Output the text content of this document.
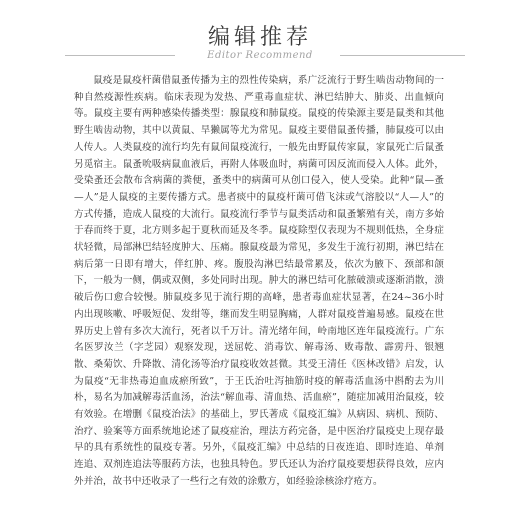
编辑推荐
Editor Recommend

鼠疫是鼠疫杆菌借鼠蚤传播为主的烈性传染病，系广泛流行于野生啮齿动物间的一种自然疫源性疾病。临床表现为发热、严重毒血症状、淋巴结肿大、肺炎、出血倾向等。鼠疫主要有两种感染传播类型：腺鼠疫和肺鼠疫。鼠疫的传染源主要是鼠类和其他野生啮齿动物，其中以黄鼠、旱獭属等尤为常见。鼠疫主要借鼠蚤传播，肺鼠疫可以由人传人。人类鼠疫的流行均先有鼠间鼠疫流行，一般先由野鼠传家鼠，家鼠死亡后鼠蚤另觅宿主。鼠蚤吮吸病鼠血液后，再附人体吸血时，病菌可因反流而侵入人体。此外，受染蚤还会散布含病菌的粪便，蚤类中的病菌可从创口侵入，使人受染。此种“鼠—蚤—人”是人鼠疫的主要传播方式。患者痰中的鼠疫杆菌可借飞沫或气溶胶以“人—人”的方式传播，造成人鼠疫的大流行。鼠疫流行季节与鼠类活动和鼠蚤繁殖有关，南方多始于春而终于夏，北方则多起于夏秋而延及冬季。鼠疫除型仅表现为不规则低热，全身症状轻微，局部淋巴结轻度肿大、压痛。腺鼠疫最为常见，多发生于流行初期，淋巴结在病后第一日即有增大，伴红肿、疼。腹股沟淋巴结最常累及，依次为腋下、颈部和颌下，一般为一侧，偶或双侧，多处同时出现。肿大的淋巴结可化脓破溃或逐渐消散，溃破后伤口愈合较慢。肺鼠疫多见于流行期的高峰，患者毒血症状显著，在24~36小时内出现咳嗽、呼吸短促、发绀等，继而发生明显胸痛，人群对鼠疫普遍易感。鼠疫在世界历史上曾有多次大流行，死者以千万计。清光绪年间，岭南地区连年鼠疫流行。广东名医罗汝兰（字芝园）观察发现，送屈乾、消毒饮、解毒汤、败毒散、霹雳丹、银翘散、桑菊饮、升降散、清化汤等治疗鼠疫收效甚微。其受王清任《医林改错》启发，认为鼠疫“无非热毒迫血成瘀所致”，于王氏治吐泻抽筋时疫的解毒活血汤中斟酌去为川朴，易名为加减解毒活血汤，治法“解血毒、清血热、活血瘀”，随症加减用治鼠疫，较有效验。在增删《鼠疫治法》的基础上，罗氏著成《鼠疫汇编》从病因、病机、预防、治疗、验案等方面系统地论述了鼠疫症治，理法方药完备，是中医治疗鼠疫史上现存最早的具有系统性的鼠疫专著。另外，《鼠疫汇编》中总结的日夜连追、即时连追、单剂连追、双剂连追法等服药方法，也独具特色。罗氏还认为治疗鼠疫要想获得良效，应内外并治，故书中还收录了一些行之有效的涂敷方，如经验涂核涂疗疮方。
